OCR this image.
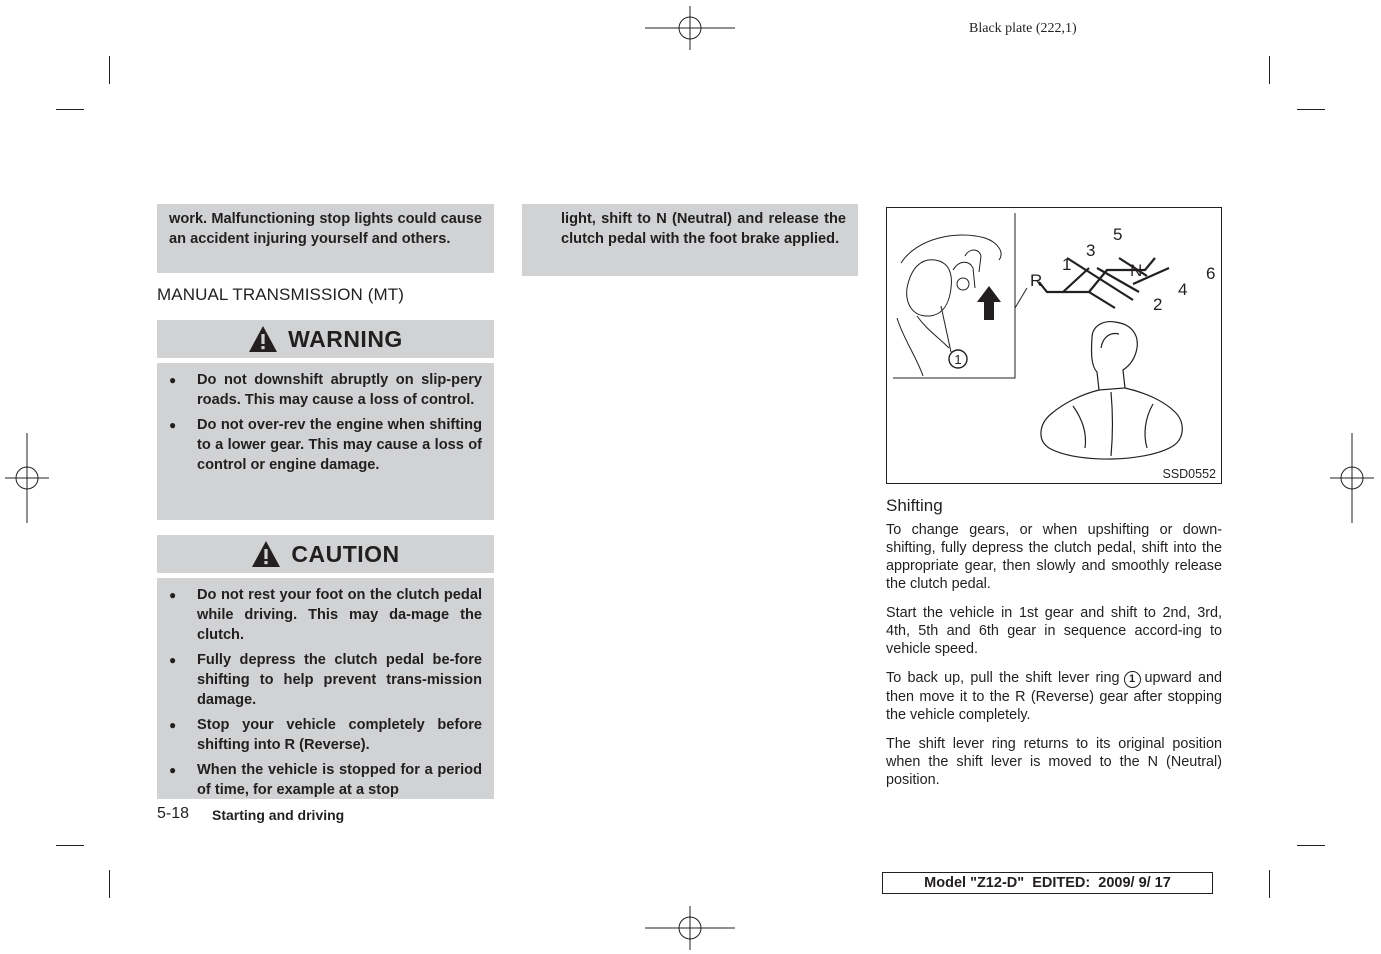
Black plate (222,1)
work. Malfunctioning stop lights could cause an accident injuring yourself and others.
light, shift to N (Neutral) and release the clutch pedal with the foot brake applied.
MANUAL TRANSMISSION (MT)
WARNING
●	Do not downshift abruptly on slip-pery roads. This may cause a loss of control.
●	Do not over-rev the engine when shifting to a lower gear. This may cause a loss of control or engine damage.
CAUTION
●	Do not rest your foot on the clutch pedal while driving. This may da-mage the clutch.
●	Fully depress the clutch pedal be-fore shifting to help prevent trans-mission damage.
●	Stop your vehicle completely before shifting into R (Reverse).
●	When the vehicle is stopped for a period of time, for example at a stop
1
R
1
3
5
N	6
4
2
SSD0552
Shifting
To change gears, or when upshifting or down-shifting, fully depress the clutch pedal, shift into the appropriate gear, then slowly and smoothly release the clutch pedal.
Start the vehicle in 1st gear and shift to 2nd, 3rd, 4th, 5th and 6th gear in sequence accord-ing to vehicle speed.
To back up, pull the shift lever ring 1 upward and then move it to the R (Reverse) gear after stopping the vehicle completely.
The shift lever ring returns to its original position when the shift lever is moved to the N (Neutral) position.
5-18 Starting and driving
Model "Z12-D" EDITED: 2009/ 9/ 17
